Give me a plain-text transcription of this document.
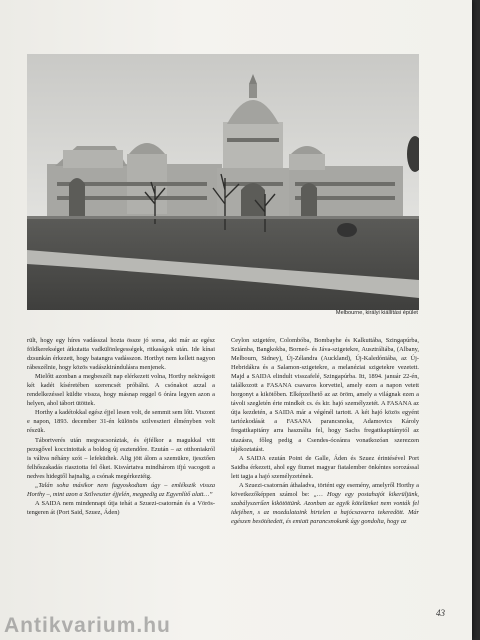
Melbourne, királyi kiállítási épület

rült, hogy egy híres vadásszal hozta össze jó sorsa, aki már az egész földkerekséget átkutatta vadkülönlegességek, ritkaságok után. Ide kínai dzsunkán érkezett, hogy batangra vadásszon. Horthyt nem kellett nagyon rábeszélnie, hogy közös vadászkirándulásra menjenek.

Mielőtt azonban a megbeszélt nap elérkezett volna, Horthy nekivágott két kadét kíséretében szerencsét próbálni. A csónakot azzal a rendelkezéssel küldte vissza, hogy másnap reggel 6 órára legyen azon a helyen, ahol tábort ütöttek.

Horthy a kadétokkal egész éjjel lesen volt, de semmit sem lőtt. Viszont e napon, 1893. december 31-én különös szilveszteri élményben volt részük.

Tábortverés után megvacsoráztak, és éjfélkor a magukkal vitt pezsgővel koccintottak a boldog új esztendőre. Ezután – az otthoniakról is váltva néhány szót – lefeküdtek. Alig jött álom a szemükre, ijesztően felhőszakadás riasztotta fel őket. Kisvártatva mindhárom ifjú vacogott a nedves hidegtől hajnalig, a csónak megérkeztéig.

„Talán soha másikor nem fagyoskodtam úgy – emlékszik vissza Horthy –, mint azon a Szilveszter éjjelén, megpedig az Egyenlítő alatt…”

A SAIDA nem mindennapi útja tehát a Szuezi-csatornán és a Vörös-tengeren át (Port Said, Szuez, Áden)

Ceylon szigetére, Colombóba, Bombayhe és Kalkuttába, Szingapúrba, Sziámba, Bangkokba, Borneó- és Jáva-szigetekre, Ausztráliába, (Albany, Melbourn, Sidney), Új-Zélandra (Auckland), Új-Kaledóniába, az Új-Hebridákra és a Salamon-szigetekre, a melanéziai szigetekre vezetett. Majd a SAIDA elindult visszafelé, Szingapúrba. Itt, 1894. január 22-én, találkozott a FASANA csavaros korvettel, amely ezen a napon vetett horgonyt a kikötőben. Elképzelhető az az öröm, amely a világnak ezen a távoli szegletén érte mindkét cs. és kir. hajó személyzetét. A FASANA az útja kezdetén, a SAIDA már a végénél tartott. A két hajó közös egyént tartózkodását a FASANA parancsnoka, Adamovics Károly fregattkapitány arra használta fel, hogy Sachs fregattkapitánytól az utazásra, főleg pedig a Csendes-óceánra vonatkozóan szerezzen tájékoztatást.

A SAIDA ezután Point de Galle, Áden és Szuez érintésével Port Saidba érkezett, ahol egy fiumei magyar fiatalember önkéntes sorozással lett tagja a hajó személyzetének.

A Szuezi-csatornán áthaladva, történt egy esemény, amelyről Horthy a következőképpen számol be: „… Hogy egy postahajót kikerüljünk, szabályszerűen kikötöttünk. Azonban az egyik kötelünket nem vonták fel idejében, s az mozdulataink hirtelen a hajócsavarra tekeredött. Már egészen besötétedett, és emiatt parancsnokunk úgy gondolta, hogy az

43
Antikvarium.hu
